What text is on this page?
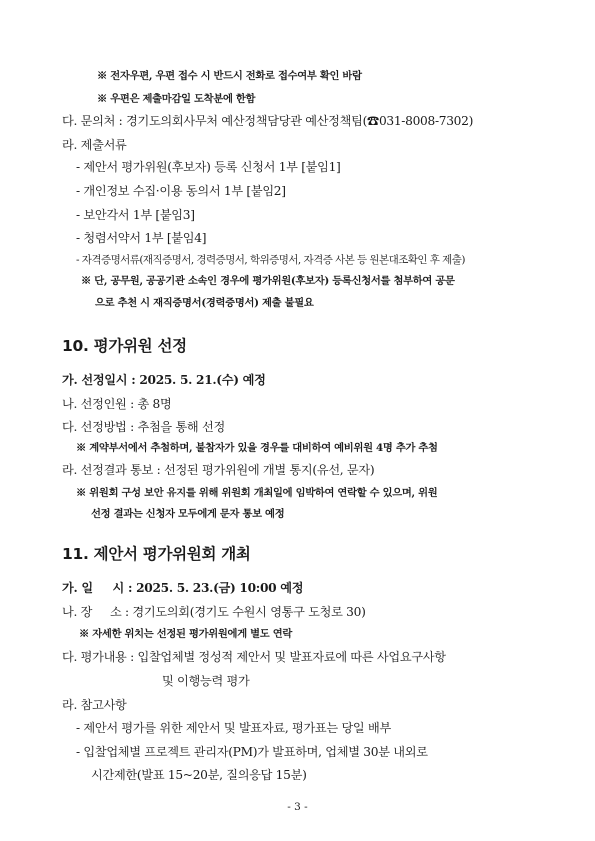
※ 전자우편, 우편 접수 시 반드시 전화로 접수여부 확인 바람
※ 우편은 제출마감일 도착분에 한함
다. 문의처 : 경기도의회사무처 예산정책담당관 예산정책팀(☎031-8008-7302)
라. 제출서류
- 제안서 평가위원(후보자) 등록 신청서 1부 [붙임1]
- 개인정보 수집·이용 동의서 1부 [붙임2]
- 보안각서 1부 [붙임3]
- 청렴서약서 1부 [붙임4]
- 자격증명서류(재직증명서, 경력증명서, 학위증명서, 자격증 사본 등 원본대조확인 후 제출)
※ 단, 공무원, 공공기관 소속인 경우에 평가위원(후보자) 등록신청서를 첨부하여 공문
으로 추천 시 재직증명서(경력증명서) 제출 불필요
10. 평가위원 선정
가. 선정일시 : 2025. 5. 21.(수) 예정
나. 선정인원 : 총 8명
다. 선정방법 : 추첨을 통해 선정
※ 계약부서에서 추첨하며, 불참자가 있을 경우를 대비하여 예비위원 4명 추가 추첨
라. 선정결과 통보 : 선정된 평가위원에 개별 통지(유선, 문자)
※ 위원회 구성 보안 유지를 위해 위원회 개최일에 임박하여 연락할 수 있으며, 위원
선정 결과는 신청자 모두에게 문자 통보 예정
11. 제안서 평가위원회 개최
가. 일     시 : 2025. 5. 23.(금) 10:00 예정
나. 장     소 : 경기도의회(경기도 수원시 영통구 도청로 30)
※ 자세한 위치는 선정된 평가위원에게 별도 연락
다. 평가내용 : 입찰업체별 정성적 제안서 및 발표자료에 따른 사업요구사항
및 이행능력 평가
라. 참고사항
- 제안서 평가를 위한 제안서 및 발표자료, 평가표는 당일 배부
- 입찰업체별 프로젝트 관리자(PM)가 발표하며, 업체별 30분 내외로
시간제한(발표 15~20분, 질의응답 15분)
- 3 -
